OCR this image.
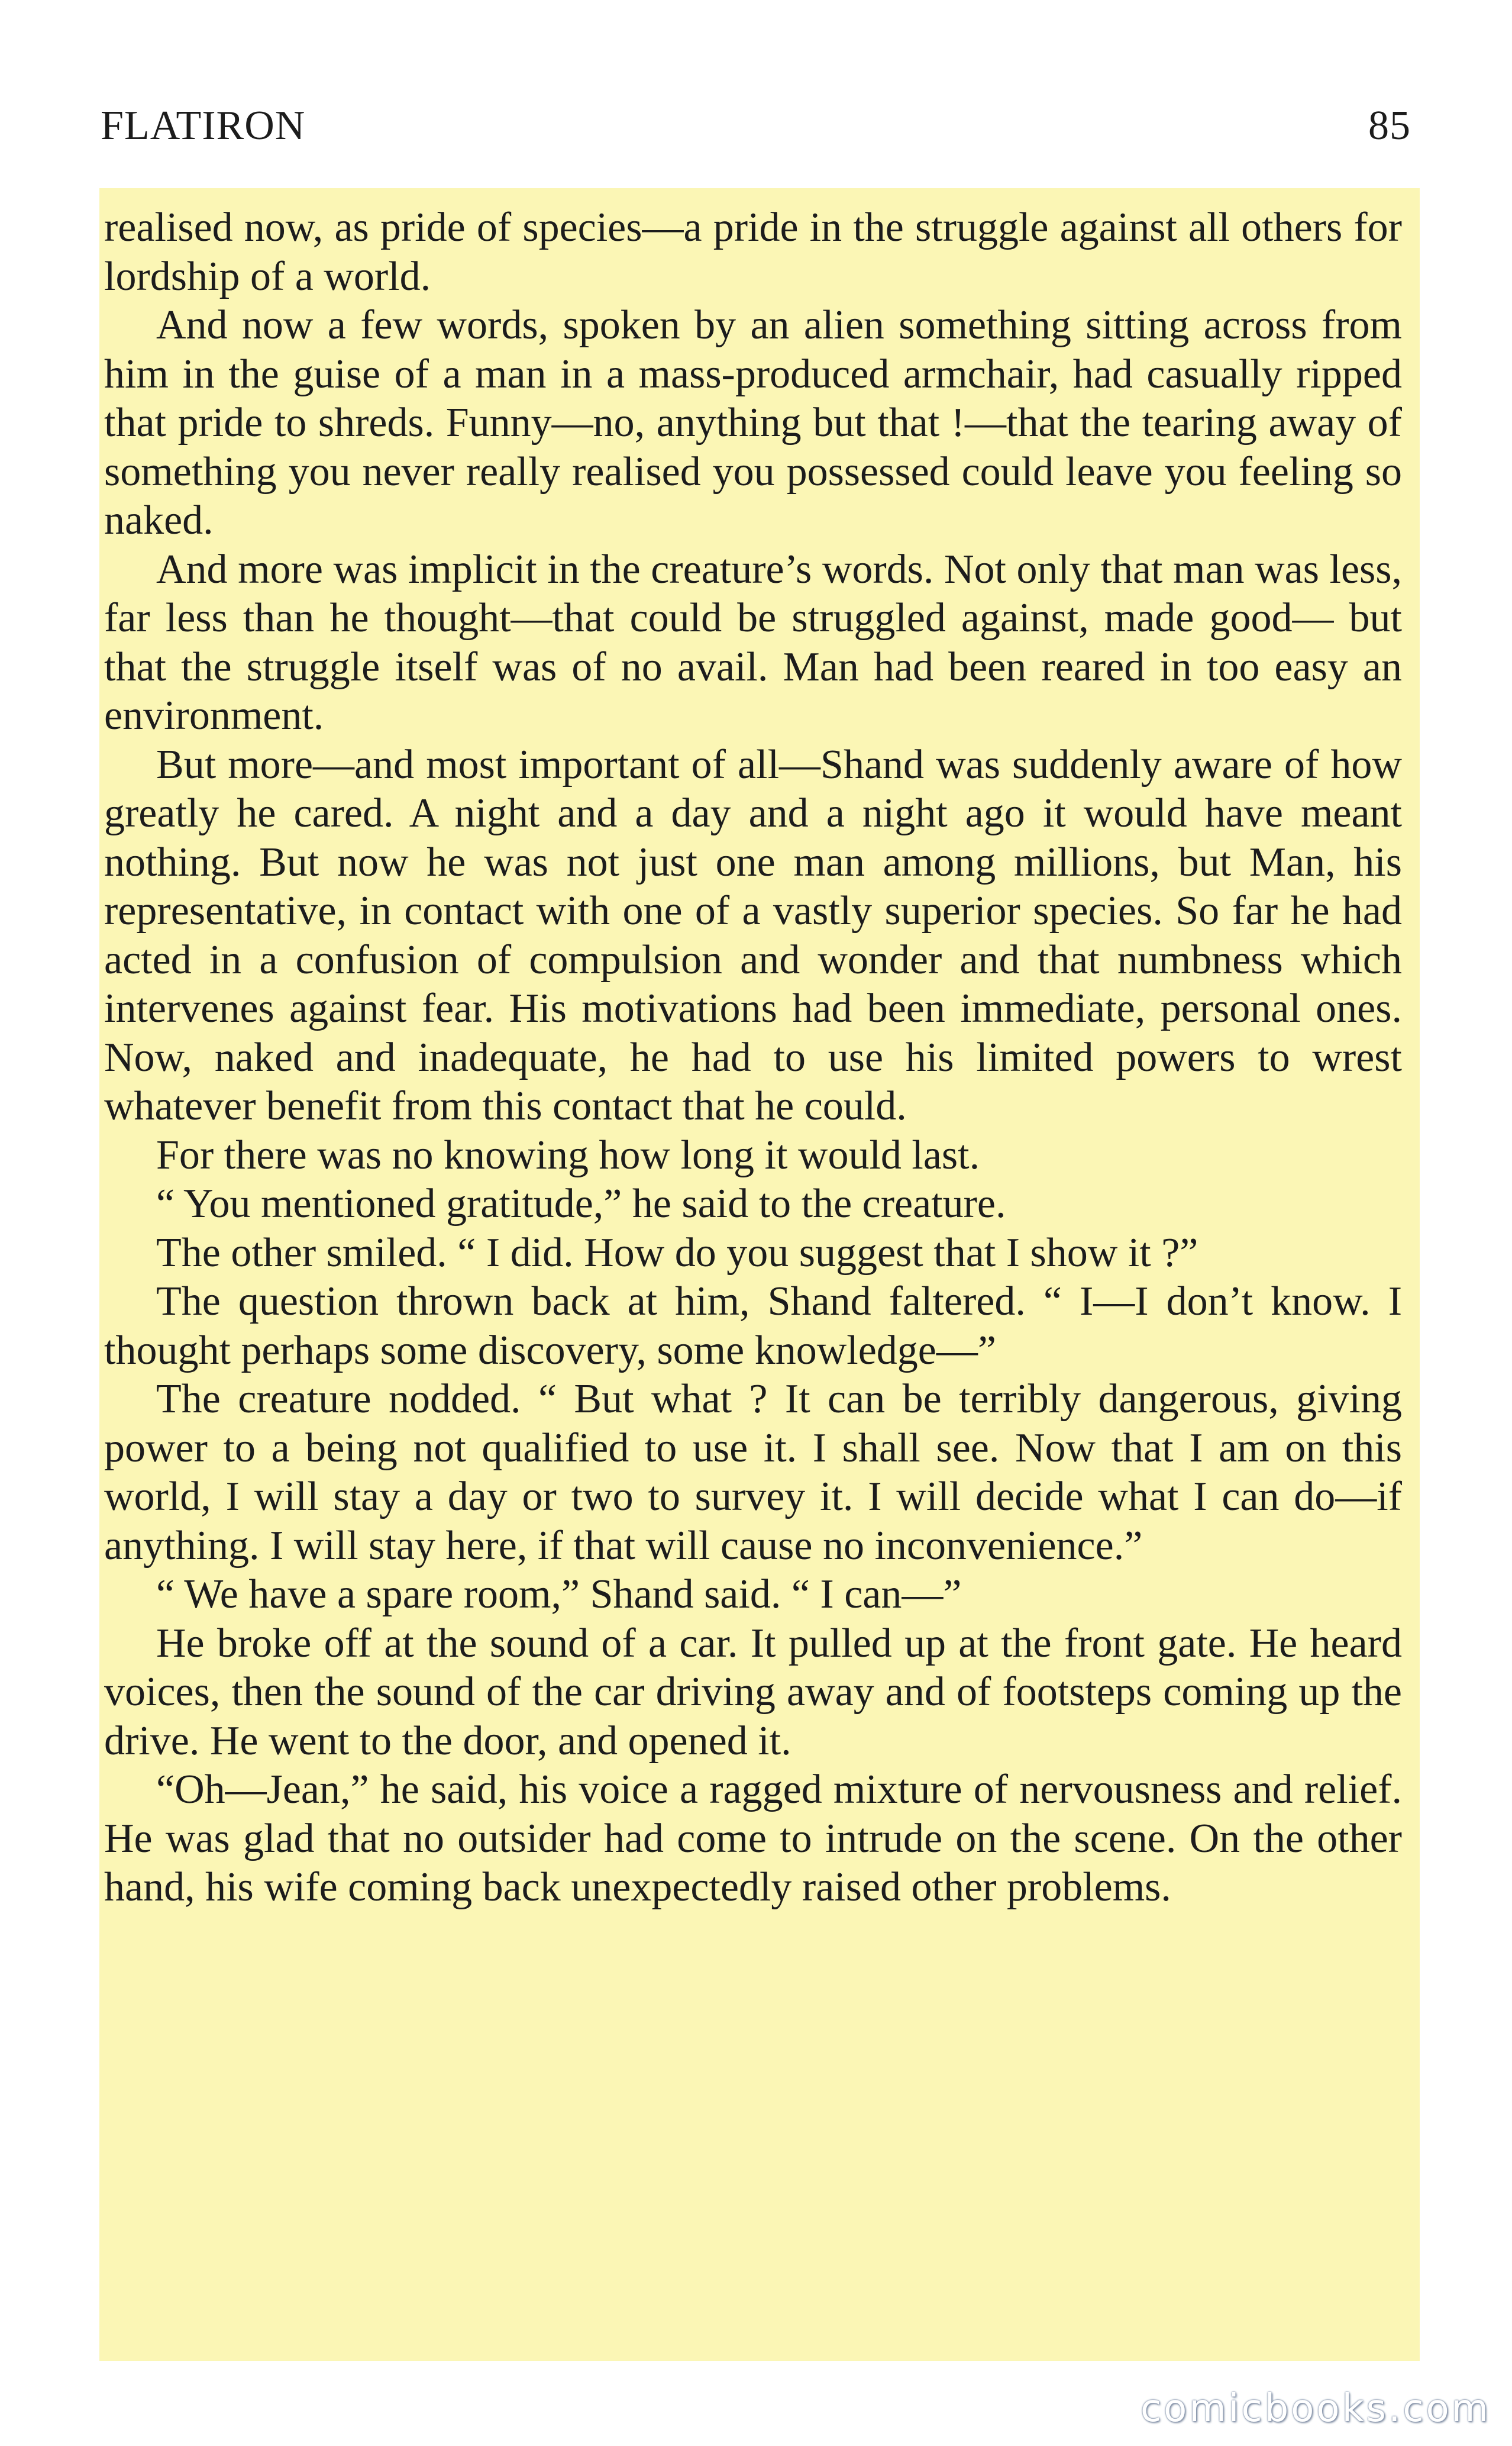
FLATIRON	85

realised now, as pride of species—a pride in the struggle against all others for lordship of a world.

And now a few words, spoken by an alien something sitting across from him in the guise of a man in a mass-produced armchair, had casually ripped that pride to shreds. Funny—no, anything but that !—that the tearing away of something you never really realised you possessed could leave you feeling so naked.

And more was implicit in the creature’s words. Not only that man was less, far less than he thought—that could be struggled against, made good— but that the struggle itself was of no avail. Man had been reared in too easy an environment.

But more—and most important of all—Shand was suddenly aware of how greatly he cared. A night and a day and a night ago it would have meant nothing. But now he was not just one man among millions, but Man, his representative, in contact with one of a vastly superior species. So far he had acted in a confusion of compulsion and wonder and that numbness which intervenes against fear. His motivations had been immediate, personal ones. Now, naked and inadequate, he had to use his limited powers to wrest whatever benefit from this contact that he could.

For there was no knowing how long it would last.

“ You mentioned gratitude,” he said to the creature.

The other smiled. “ I did. How do you suggest that I show it ?”

The question thrown back at him, Shand faltered. “ I—I don’t know. I thought perhaps some discovery, some knowledge—”

The creature nodded. “ But what ? It can be terribly dangerous, giving power to a being not qualified to use it. I shall see. Now that I am on this world, I will stay a day or two to survey it. I will decide what I can do—if anything. I will stay here, if that will cause no inconvenience.”

“ We have a spare room,” Shand said. “ I can—”

He broke off at the sound of a car. It pulled up at the front gate. He heard voices, then the sound of the car driving away and of footsteps coming up the drive. He went to the door, and opened it.

“Oh—Jean,” he said, his voice a ragged mixture of nervousness and relief. He was glad that no outsider had come to intrude on the scene. On the other hand, his wife coming back unexpectedly raised other problems.

comicbooks.com
